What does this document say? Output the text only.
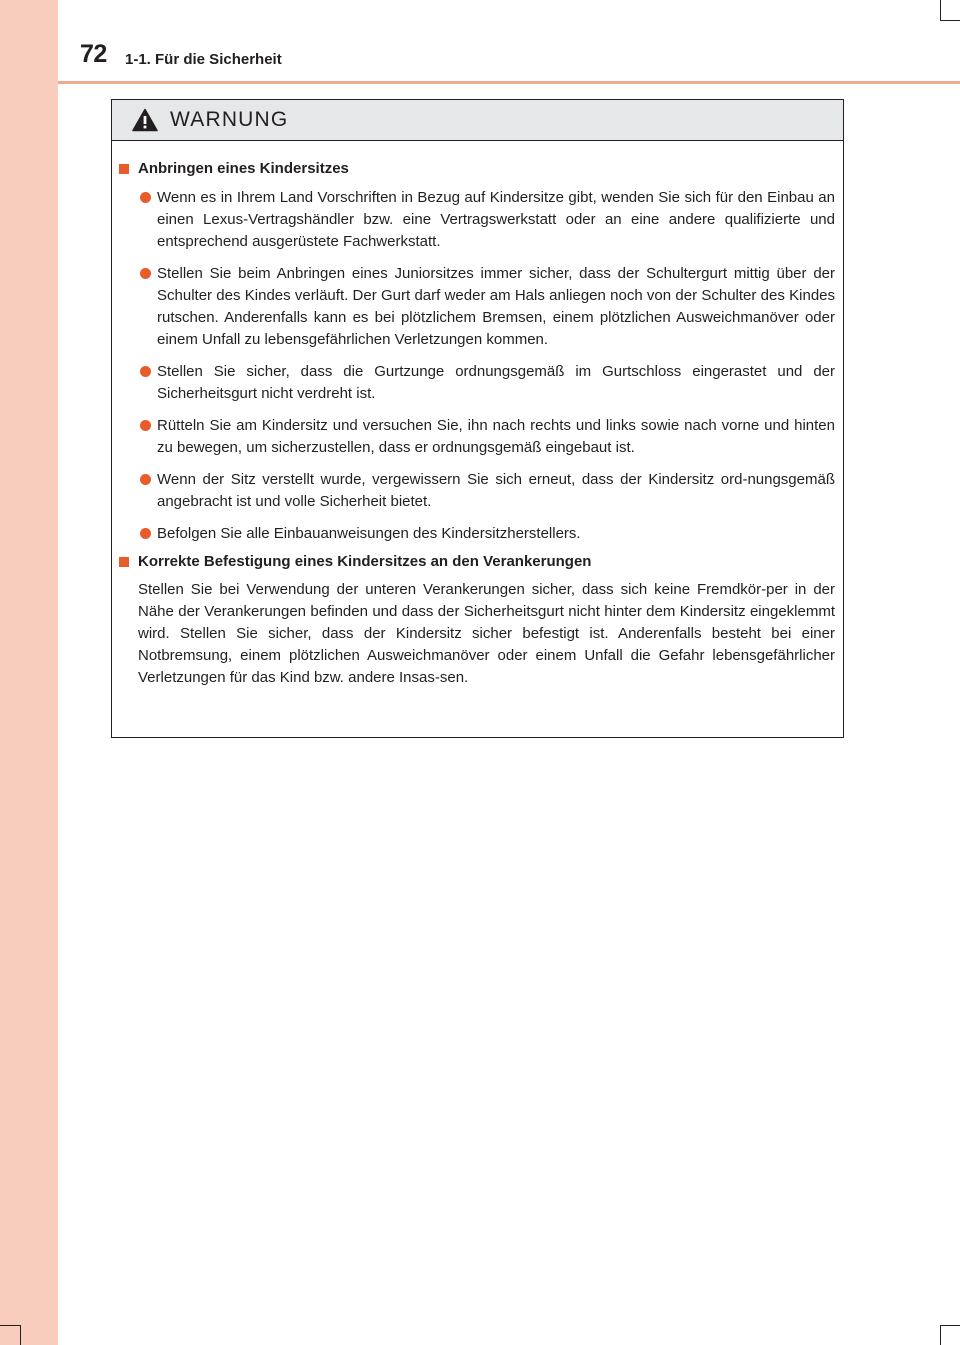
72 1-1. Für die Sicherheit
WARNUNG
Anbringen eines Kindersitzes
Wenn es in Ihrem Land Vorschriften in Bezug auf Kindersitze gibt, wenden Sie sich für den Einbau an einen Lexus-Vertragshändler bzw. eine Vertragswerkstatt oder an eine andere qualifizierte und entsprechend ausgerüstete Fachwerkstatt.
Stellen Sie beim Anbringen eines Juniorsitzes immer sicher, dass der Schultergurt mittig über der Schulter des Kindes verläuft. Der Gurt darf weder am Hals anliegen noch von der Schulter des Kindes rutschen. Anderenfalls kann es bei plötzlichem Bremsen, einem plötzlichen Ausweichmanöver oder einem Unfall zu lebensgefährlichen Verletzungen kommen.
Stellen Sie sicher, dass die Gurtzunge ordnungsgemäß im Gurtschloss eingerastet und der Sicherheitsgurt nicht verdreht ist.
Rütteln Sie am Kindersitz und versuchen Sie, ihn nach rechts und links sowie nach vorne und hinten zu bewegen, um sicherzustellen, dass er ordnungsgemäß eingebaut ist.
Wenn der Sitz verstellt wurde, vergewissern Sie sich erneut, dass der Kindersitz ord-nungsgemäß angebracht ist und volle Sicherheit bietet.
Befolgen Sie alle Einbauanweisungen des Kindersitzherstellers.
Korrekte Befestigung eines Kindersitzes an den Verankerungen

Stellen Sie bei Verwendung der unteren Verankerungen sicher, dass sich keine Fremdkör-per in der Nähe der Verankerungen befinden und dass der Sicherheitsgurt nicht hinter dem Kindersitz eingeklemmt wird. Stellen Sie sicher, dass der Kindersitz sicher befestigt ist. Anderenfalls besteht bei einer Notbremsung, einem plötzlichen Ausweichmanöver oder einem Unfall die Gefahr lebensgefährlicher Verletzungen für das Kind bzw. andere Insas-sen.
